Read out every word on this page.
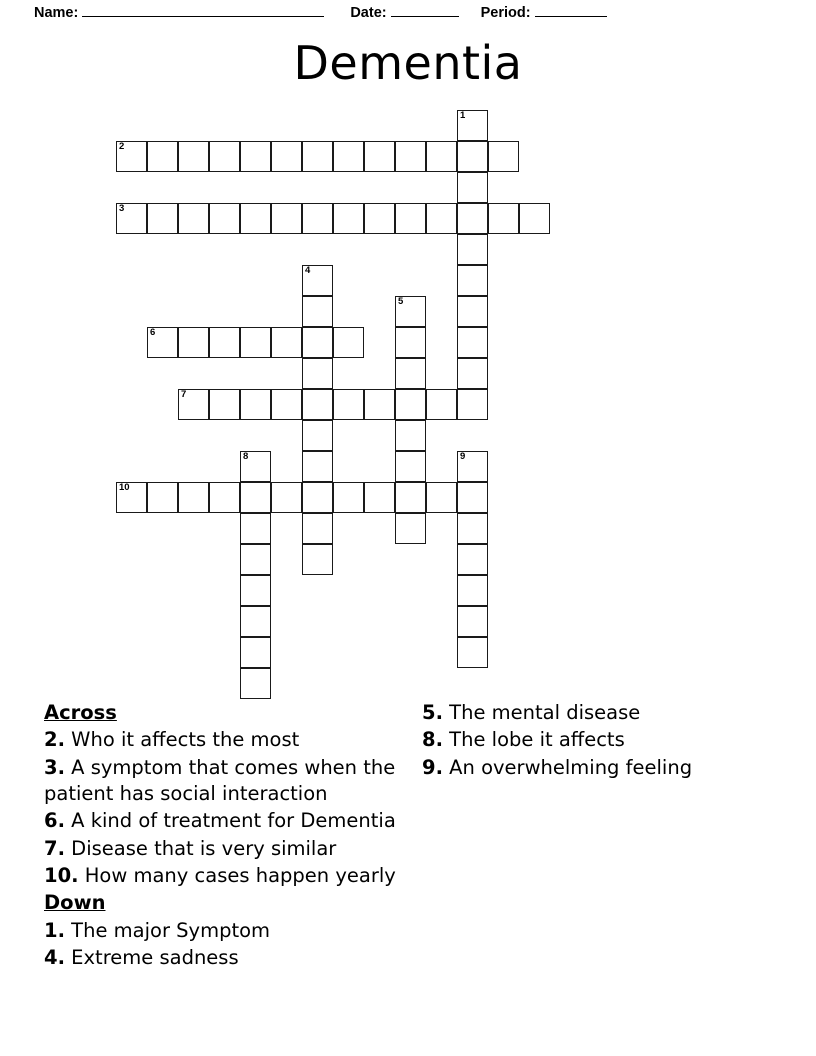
Name:	Date:	Period:
Dementia
1
2
3
4
5
6
7
8	9
10
Across
2. Who it affects the most
3. A symptom that comes when the patient has social interaction
6. A kind of treatment for Dementia
7. Disease that is very similar
10. How many cases happen yearly
Down
1. The major Symptom
4. Extreme sadness
5. The mental disease
8. The lobe it affects
9. An overwhelming feeling
